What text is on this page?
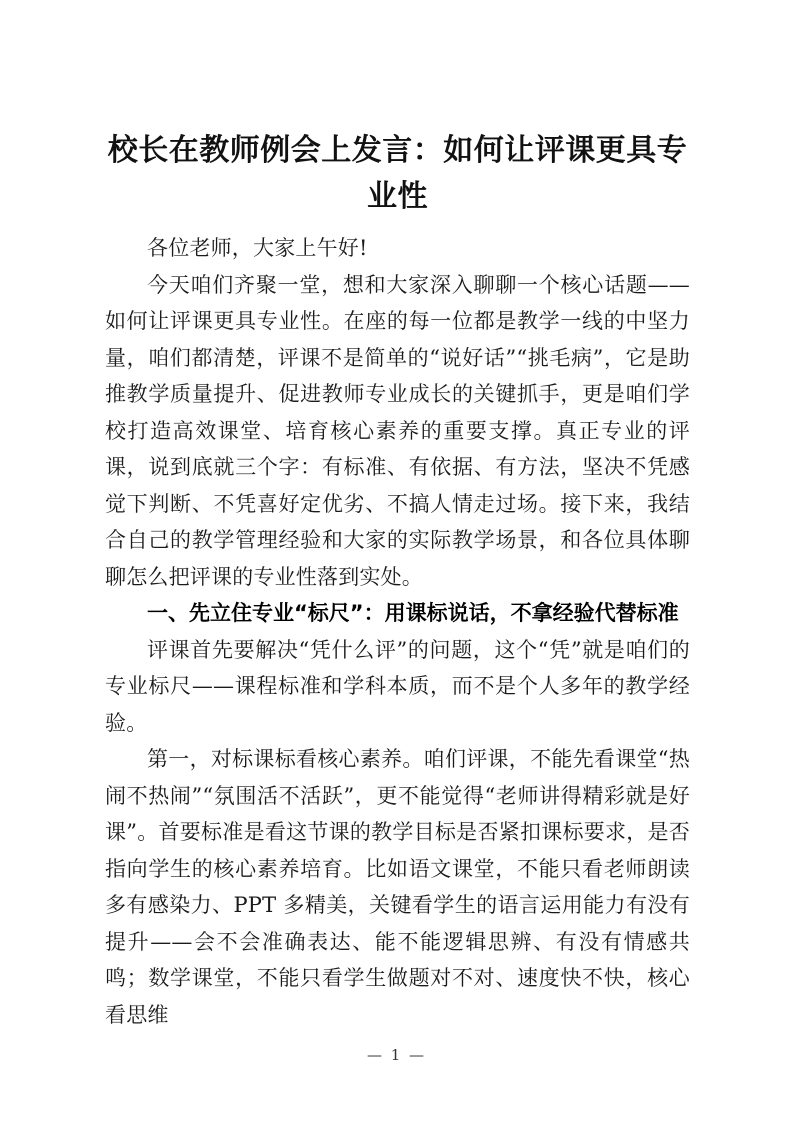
校长在教师例会上发言：如何让评课更具专业性

各位老师，大家上午好!

今天咱们齐聚一堂，想和大家深入聊聊一个核心话题——如何让评课更具专业性。在座的每一位都是教学一线的中坚力量，咱们都清楚，评课不是简单的“说好话”“挑毛病”，它是助推教学质量提升、促进教师专业成长的关键抓手，更是咱们学校打造高效课堂、培育核心素养的重要支撑。真正专业的评课，说到底就三个字：有标准、有依据、有方法，坚决不凭感觉下判断、不凭喜好定优劣、不搞人情走过场。接下来，我结合自己的教学管理经验和大家的实际教学场景，和各位具体聊聊怎么把评课的专业性落到实处。

一、先立住专业“标尺”：用课标说话，不拿经验代替标准

评课首先要解决“凭什么评”的问题，这个“凭”就是咱们的专业标尺——课程标准和学科本质，而不是个人多年的教学经验。

第一，对标课标看核心素养。咱们评课，不能先看课堂“热闹不热闹”“氛围活不活跃”，更不能觉得“老师讲得精彩就是好课”。首要标准是看这节课的教学目标是否紧扣课标要求，是否指向学生的核心素养培育。比如语文课堂，不能只看老师朗读多有感染力、PPT 多精美，关键看学生的语言运用能力有没有提升——会不会准确表达、能不能逻辑思辨、有没有情感共鸣；数学课堂，不能只看学生做题对不对、速度快不快，核心看思维

— 1 —
